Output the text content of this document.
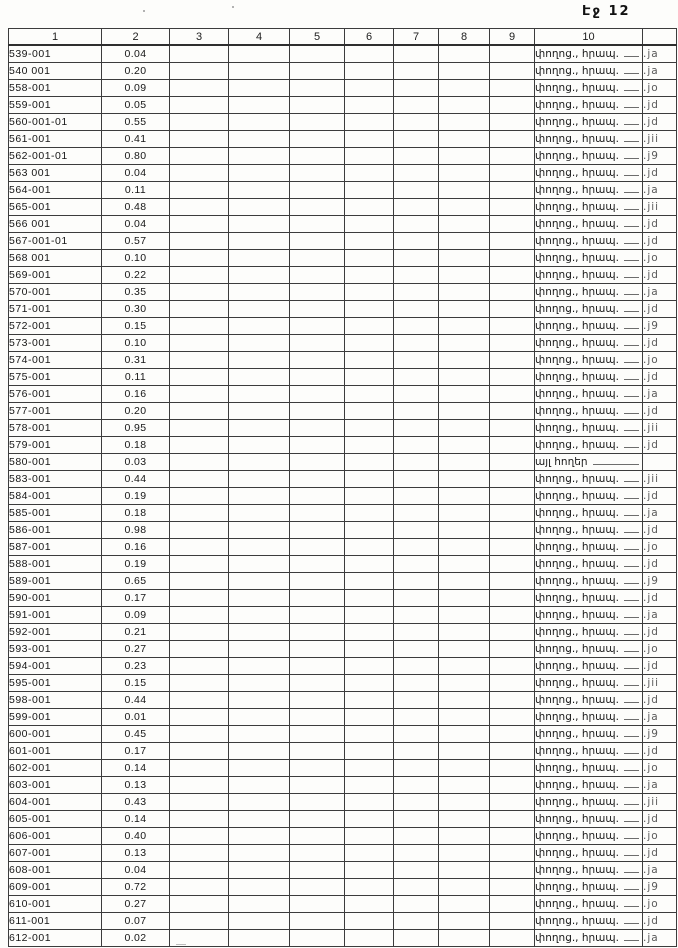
Էջ 12
1	2	3	4	5	6	7	8	9	10	
539-001	0.04								փողոց., հրապ.	.ja
540 001	0.20								փողոց., հրապ.	.ja
558-001	0.09								փողոց., հրապ.	.jo
559-001	0.05								փողոց., հրապ.	.jd
560-001-01	0.55								փողոց., հրապ.	.jd
561-001	0.41								փողոց., հրապ.	.jii
562-001-01	0.80								փողոց., հրապ.	.j9
563 001	0.04								փողոց., հրապ.	.jd
564-001	0.11								փողոց., հրապ.	.ja
565-001	0.48								փողոց., հրապ.	.jii
566 001	0.04								փողոց., հրապ.	.jd
567-001-01	0.57								փողոց., հրապ.	.jd
568 001	0.10								փողոց., հրապ.	.jo
569-001	0.22								փողոց., հրապ.	.jd
570-001	0.35								փողոց., հրապ.	.ja
571-001	0.30								փողոց., հրապ.	.jd
572-001	0.15								փողոց., հրապ.	.j9
573-001	0.10								փողոց., հրապ.	.jd
574-001	0.31								փողոց., հրապ.	.jo
575-001	0.11								փողոց., հրապ.	.jd
576-001	0.16								փողոց., հրապ.	.ja
577-001	0.20								փողոց., հրապ.	.jd
578-001	0.95								փողոց., հրապ.	.jii
579-001	0.18								փողոց., հրապ.	.jd
580-001	0.03								այլ հողեր	

583-001	0.44								փողոց., հրապ.	.jii
584-001	0.19								փողոց., հրապ.	.jd
585-001	0.18								փողոց., հրապ.	.ja
586-001	0.98								փողոց., հրապ.	.jd
587-001	0.16								փողոց., հրապ.	.jo
588-001	0.19								փողոց., հրապ.	.jd
589-001	0.65								փողոց., հրապ.	.j9
590-001	0.17								փողոց., հրապ.	.jd
591-001	0.09								փողոց., հրապ.	.ja
592-001	0.21								փողոց., հրապ.	.jd
593-001	0.27								փողոց., հրապ.	.jo
594-001	0.23								փողոց., հրապ.	.jd
595-001	0.15								փողոց., հրապ.	.jii
598-001	0.44								փողոց., հրապ.	.jd
599-001	0.01								փողոց., հրապ.	.ja
600-001	0.45								փողոց., հրապ.	.j9
601-001	0.17								փողոց., հրապ.	.jd
602-001	0.14								փողոց., հրապ.	.jo
603-001	0.13								փողոց., հրապ.	.ja
604-001	0.43								փողոց., հրապ.	.jii
605-001	0.14								փողոց., հրապ.	.jd
606-001	0.40								փողոց., հրապ.	.jo
607-001	0.13								փողոց., հրապ.	.jd
608-001	0.04								փողոց., հրապ.	.ja
609-001	0.72								փողոց., հրապ.	.j9
610-001	0.27								փողոց., հրապ.	.jo
611-001	0.07								փողոց., հրապ.	.jd
612-001	0.02								փողոց., հրապ.	.ja
